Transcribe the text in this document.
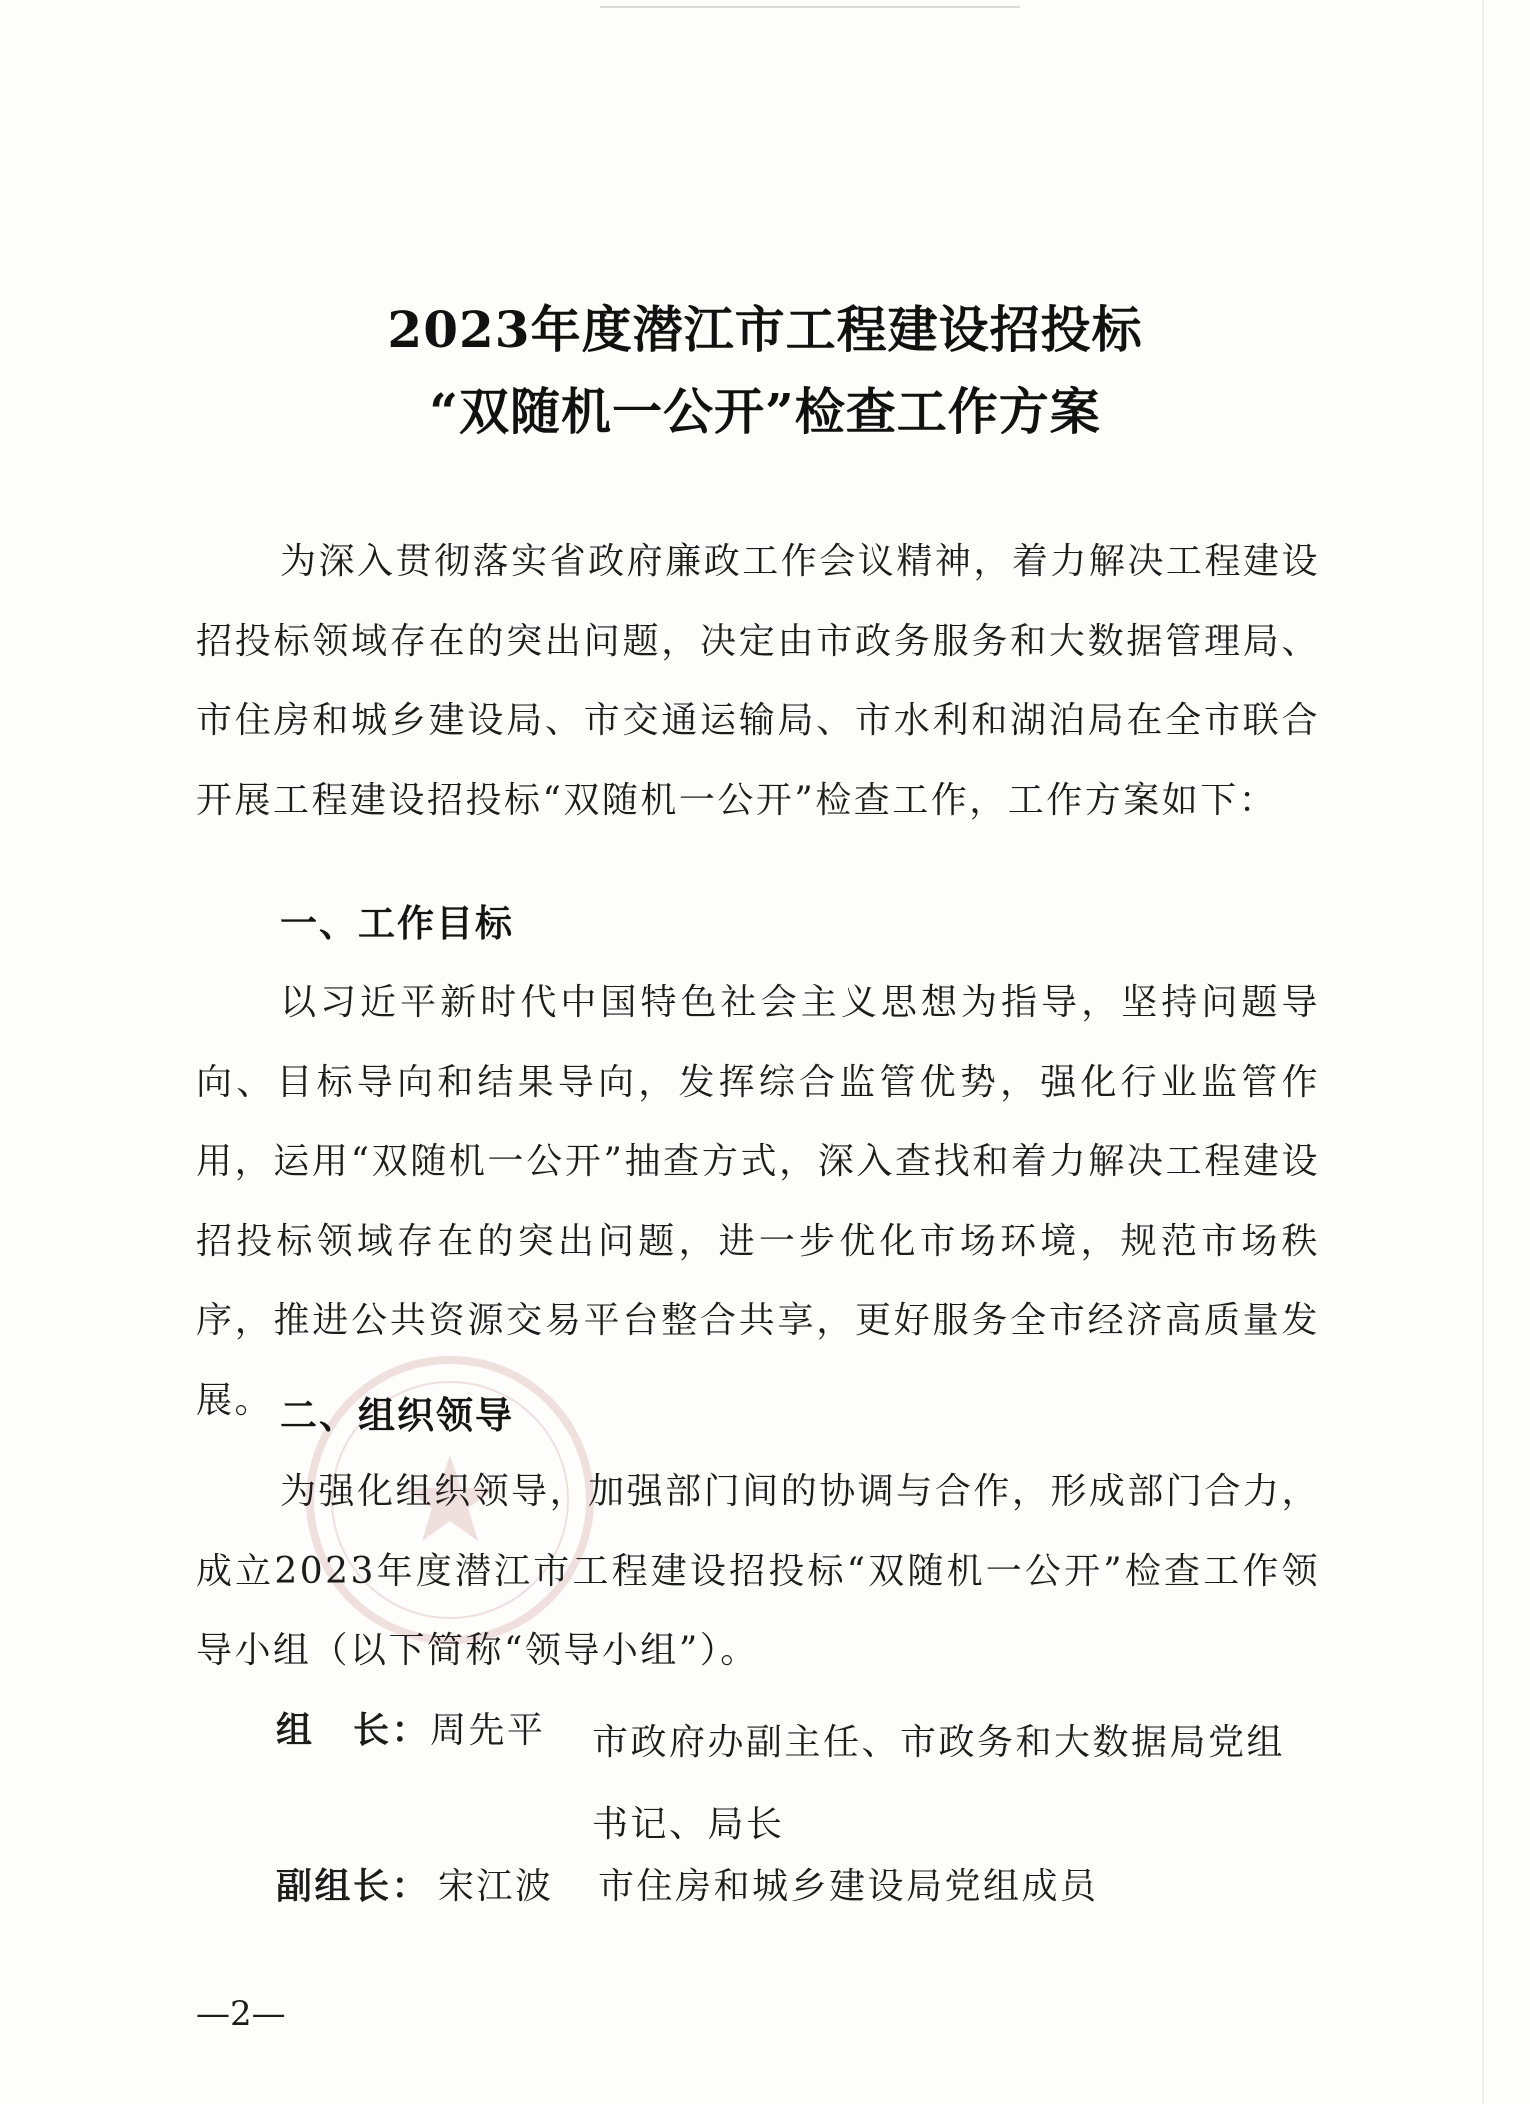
2023年度潜江市工程建设招投标
“双随机一公开”检查工作方案
为深入贯彻落实省政府廉政工作会议精神，着力解决工程建设招投标领域存在的突出问题，决定由市政务服务和大数据管理局、市住房和城乡建设局、市交通运输局、市水利和湖泊局在全市联合开展工程建设招投标“双随机一公开”检查工作，工作方案如下：
一、工作目标
以习近平新时代中国特色社会主义思想为指导，坚持问题导向、目标导向和结果导向，发挥综合监管优势，强化行业监管作用，运用“双随机一公开”抽查方式，深入查找和着力解决工程建设招投标领域存在的突出问题，进一步优化市场环境，规范市场秩序，推进公共资源交易平台整合共享，更好服务全市经济高质量发展。 二、组织领导
为强化组织领导，加强部门间的协调与合作，形成部门合力，成立2023年度潜江市工程建设招投标“双随机一公开”检查工作领导小组（以下简称“领导小组”）。
组　长： 周先平 市政府办副主任、市政务和大数据局党组书记、局长
副组长： 宋江波 市住房和城乡建设局党组成员
—2—
